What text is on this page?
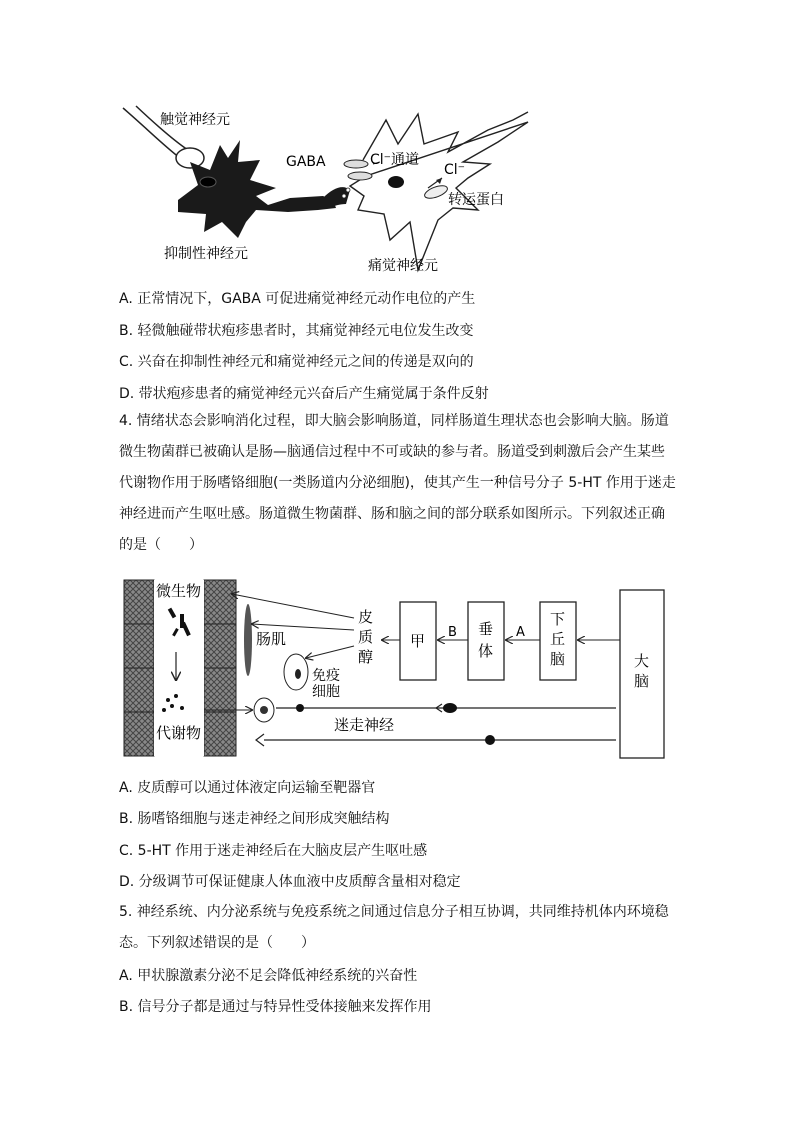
触觉神经元
GABA
抑制性神经元
Cl⁻通道
Cl⁻
转运蛋白
痛觉神经元
A. 正常情况下，GABA 可促进痛觉神经元动作电位的产生
B. 轻微触碰带状疱疹患者时，其痛觉神经元电位发生改变
C. 兴奋在抑制性神经元和痛觉神经元之间的传递是双向的
D. 带状疱疹患者的痛觉神经元兴奋后产生痛觉属于条件反射
4. 情绪状态会影响消化过程，即大脑会影响肠道，同样肠道生理状态也会影响大脑。肠道
微生物菌群已被确认是肠—脑通信过程中不可或缺的参与者。肠道受到刺激后会产生某些
代谢物作用于肠嗜铬细胞(一类肠道内分泌细胞)，使其产生一种信号分子 5-HT 作用于迷走
神经进而产生呕吐感。肠道微生物菌群、肠和脑之间的部分联系如图所示。下列叙述正确
的是（　　）
微生物
代谢物
肠肌
免疫
细胞
皮
质
醇
甲
垂
体
B
下
丘
脑
A
大
脑
迷走神经
A. 皮质醇可以通过体液定向运输至靶器官
B. 肠嗜铬细胞与迷走神经之间形成突触结构
C. 5-HT 作用于迷走神经后在大脑皮层产生呕吐感
D. 分级调节可保证健康人体血液中皮质醇含量相对稳定
5. 神经系统、内分泌系统与免疫系统之间通过信息分子相互协调，共同维持机体内环境稳
态。下列叙述错误的是（　　）
A. 甲状腺激素分泌不足会降低神经系统的兴奋性
B. 信号分子都是通过与特异性受体接触来发挥作用
